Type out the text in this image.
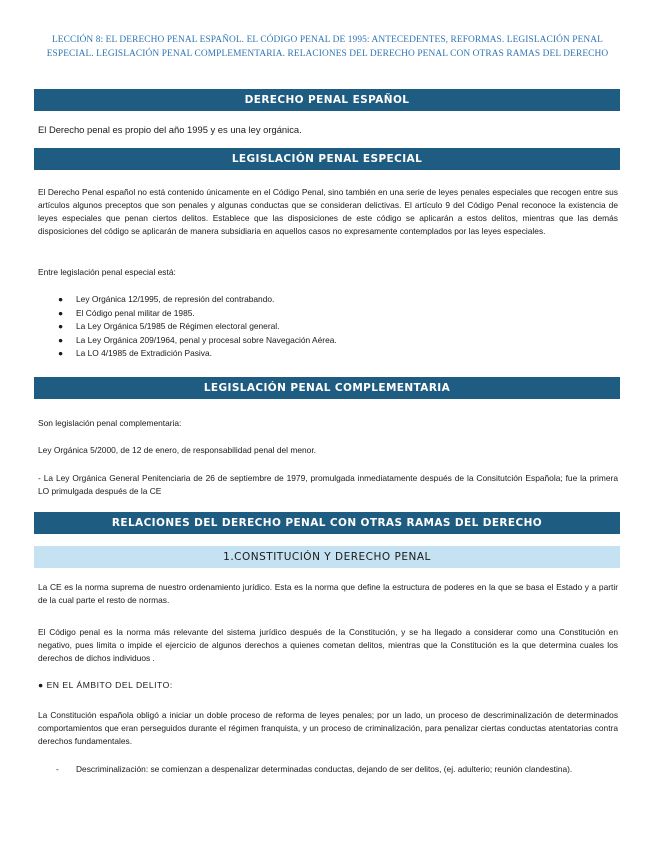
LECCIÓN 8: EL DERECHO PENAL ESPAÑOL. EL CÓDIGO PENAL DE 1995: ANTECEDENTES, REFORMAS. LEGISLACIÓN PENAL ESPECIAL. LEGISLACIÓN PENAL COMPLEMENTARIA. RELACIONES DEL DERECHO PENAL CON OTRAS RAMAS DEL DERECHO
DERECHO PENAL ESPAÑOL

El Derecho penal es propio del año 1995 y es una ley orgánica.

LEGISLACIÓN PENAL ESPECIAL

El Derecho Penal español no está contenido únicamente en el Código Penal, sino también en una serie de leyes penales especiales que recogen entre sus artículos algunos preceptos que son penales y algunas conductas que se consideran delictivas. El artículo 9 del Código Penal reconoce la existencia de leyes especiales que penan ciertos delitos. Establece que las disposiciones de este código se aplicarán a estos delitos, mientras que las demás disposiciones del código se aplicarán de manera subsidiaria en aquellos casos no expresamente contemplados por las leyes especiales.

Entre legislación penal especial está:

● Ley Orgánica 12/1995, de represión del contrabando.
● El Código penal militar de 1985.
● La Ley Orgánica 5/1985 de Régimen electoral general.
● La Ley Orgánica 209/1964, penal y procesal sobre Navegación Aérea.
● La LO 4/1985 de Extradición Pasiva.
LEGISLACIÓN PENAL COMPLEMENTARIA

Son legislación penal complementaria:

Ley Orgánica 5/2000, de 12 de enero, de responsabilidad penal del menor.

- La Ley Orgánica General Penitenciaria de 26 de septiembre de 1979, promulgada inmediatamente después de la Consitutción Española; fue la primera LO primulgada después de la CE

RELACIONES DEL DERECHO PENAL CON OTRAS RAMAS DEL DERECHO
1.CONSTITUCIÓN Y DERECHO PENAL

La CE es la norma suprema de nuestro ordenamiento jurídico. Esta es la norma que define la estructura de poderes en la que se basa el Estado y a partir de la cual parte el resto de normas.

El Código penal es la norma más relevante del sistema jurídico después de la Constitución, y se ha llegado a considerar como una Constitución en negativo, pues limita o impide el ejercicio de algunos derechos a quienes cometan delitos, mientras que la Constitución es la que determina cuales los derechos de dichos individuos .

● EN EL ÁMBITO DEL DELITO:

La Constitución española obligó a iniciar un doble proceso de reforma de leyes penales; por un lado, un proceso de descriminalización de determinados comportamientos que eran perseguidos durante el régimen franquista, y un proceso de criminalización, para penalizar ciertas conductas atentatorias contra derechos fundamentales.

-	Descriminalización: se comienzan a despenalizar determinadas conductas, dejando de ser delitos, (ej. adulterio; reunión clandestina).
